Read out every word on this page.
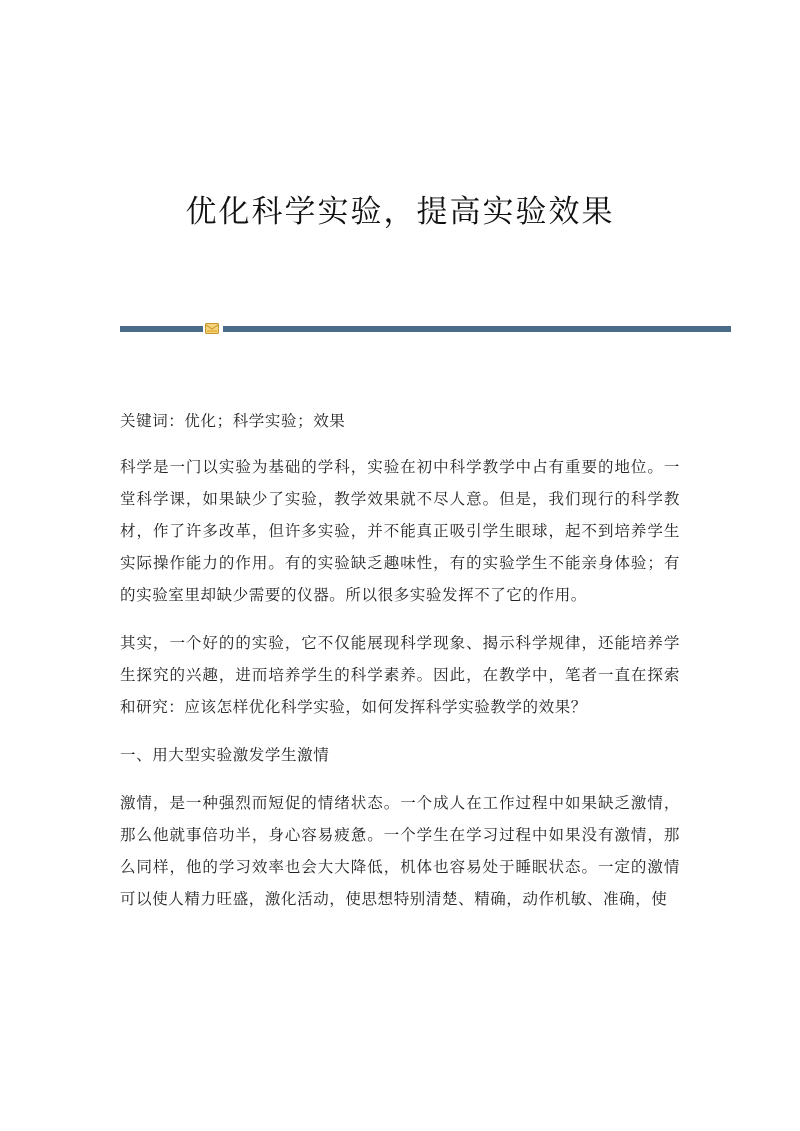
优化科学实验，提高实验效果

关键词：优化；科学实验；效果

科学是一门以实验为基础的学科，实验在初中科学教学中占有重要的地位。一堂科学课，如果缺少了实验，教学效果就不尽人意。但是，我们现行的科学教材，作了许多改革，但许多实验，并不能真正吸引学生眼球，起不到培养学生实际操作能力的作用。有的实验缺乏趣味性，有的实验学生不能亲身体验；有的实验室里却缺少需要的仪器。所以很多实验发挥不了它的作用。

其实，一个好的的实验，它不仅能展现科学现象、揭示科学规律，还能培养学生探究的兴趣，进而培养学生的科学素养。因此，在教学中，笔者一直在探索和研究：应该怎样优化科学实验，如何发挥科学实验教学的效果？

一、用大型实验激发学生激情

激情，是一种强烈而短促的情绪状态。一个成人在工作过程中如果缺乏激情，那么他就事倍功半，身心容易疲惫。一个学生在学习过程中如果没有激情，那么同样，他的学习效率也会大大降低，机体也容易处于睡眠状态。一定的激情可以使人精力旺盛，激化活动，使思想特别清楚、精确，动作机敏、准确，使
